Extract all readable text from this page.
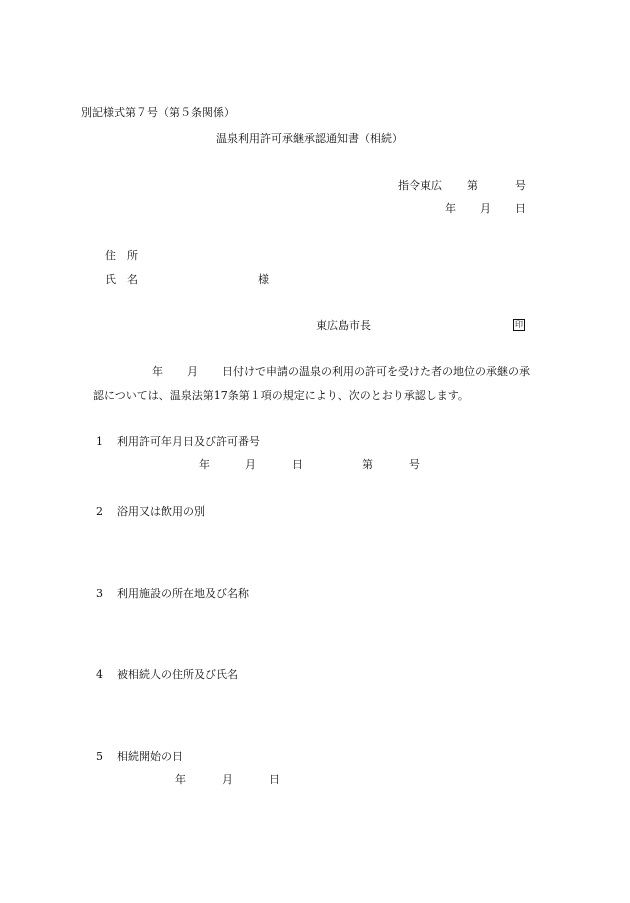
別記様式第７号（第５条関係）
温泉利用許可承継承認通知書（相続）
指令東広 第	号
年 月 日
住　所
氏　名	様
東広島市長	印
年 月 日付けで申請の温泉の利用の許可を受けた者の地位の承継の承
認については、温泉法第17条第１項の規定により、次のとおり承認します。
1 利用許可年月日及び許可番号
年	月	日	第	号
2 浴用又は飲用の別
3 利用施設の所在地及び名称
4 被相続人の住所及び氏名
5 相続開始の日
年	月	日
